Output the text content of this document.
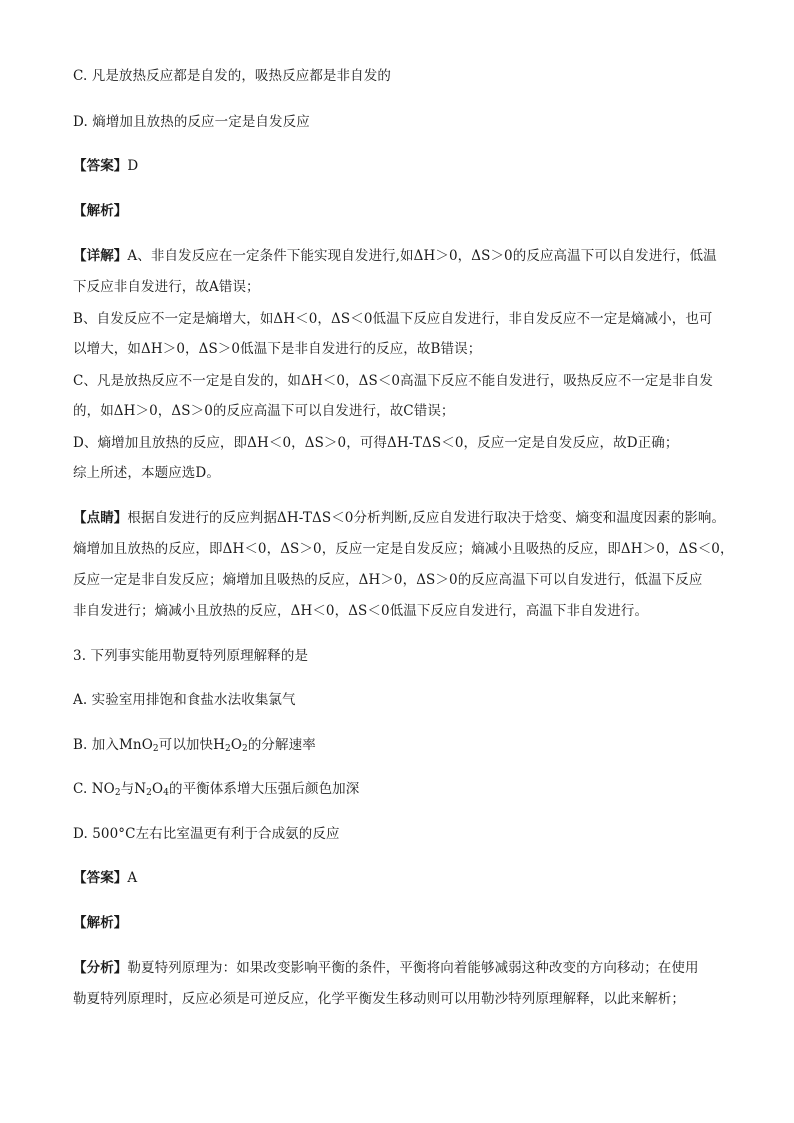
C. 凡是放热反应都是自发的，吸热反应都是非自发的
D. 熵增加且放热的反应一定是自发反应
【答案】D
【解析】
【详解】A、非自发反应在一定条件下能实现自发进行,如ΔH＞0，ΔS＞0的反应高温下可以自发进行，低温
下反应非自发进行，故A错误；
B、自发反应不一定是熵增大，如ΔH＜0，ΔS＜0低温下反应自发进行，非自发反应不一定是熵减小，也可
以增大，如ΔH＞0，ΔS＞0低温下是非自发进行的反应，故B错误；
C、凡是放热反应不一定是自发的，如ΔH＜0，ΔS＜0高温下反应不能自发进行，吸热反应不一定是非自发
的，如ΔH＞0，ΔS＞0的反应高温下可以自发进行，故C错误；
D、熵增加且放热的反应，即ΔH＜0，ΔS＞0，可得ΔH-TΔS＜0，反应一定是自发反应，故D正确；
综上所述，本题应选D。
【点睛】根据自发进行的反应判据ΔH-TΔS＜0分析判断,反应自发进行取决于焓变、熵变和温度因素的影响。
熵增加且放热的反应，即ΔH＜0，ΔS＞0，反应一定是自发反应；熵减小且吸热的反应，即ΔH＞0，ΔS＜0，
反应一定是非自发反应；熵增加且吸热的反应，ΔH＞0，ΔS＞0的反应高温下可以自发进行，低温下反应
非自发进行；熵减小且放热的反应，ΔH＜0，ΔS＜0低温下反应自发进行，高温下非自发进行。
3. 下列事实能用勒夏特列原理解释的是
A. 实验室用排饱和食盐水法收集氯气
B. 加入MnO$_2$可以加快$H_2O_2$的分解速率
C. $NO_2$与$N_2O_4$的平衡体系增大压强后颜色加深
D. 500°C左右比室温更有利于合成氨的反应
【答案】A
【解析】
【分析】勒夏特列原理为：如果改变影响平衡的条件，平衡将向着能够减弱这种改变的方向移动；在使用
勒夏特列原理时，反应必须是可逆反应，化学平衡发生移动则可以用勒沙特列原理解释，以此来解析；
